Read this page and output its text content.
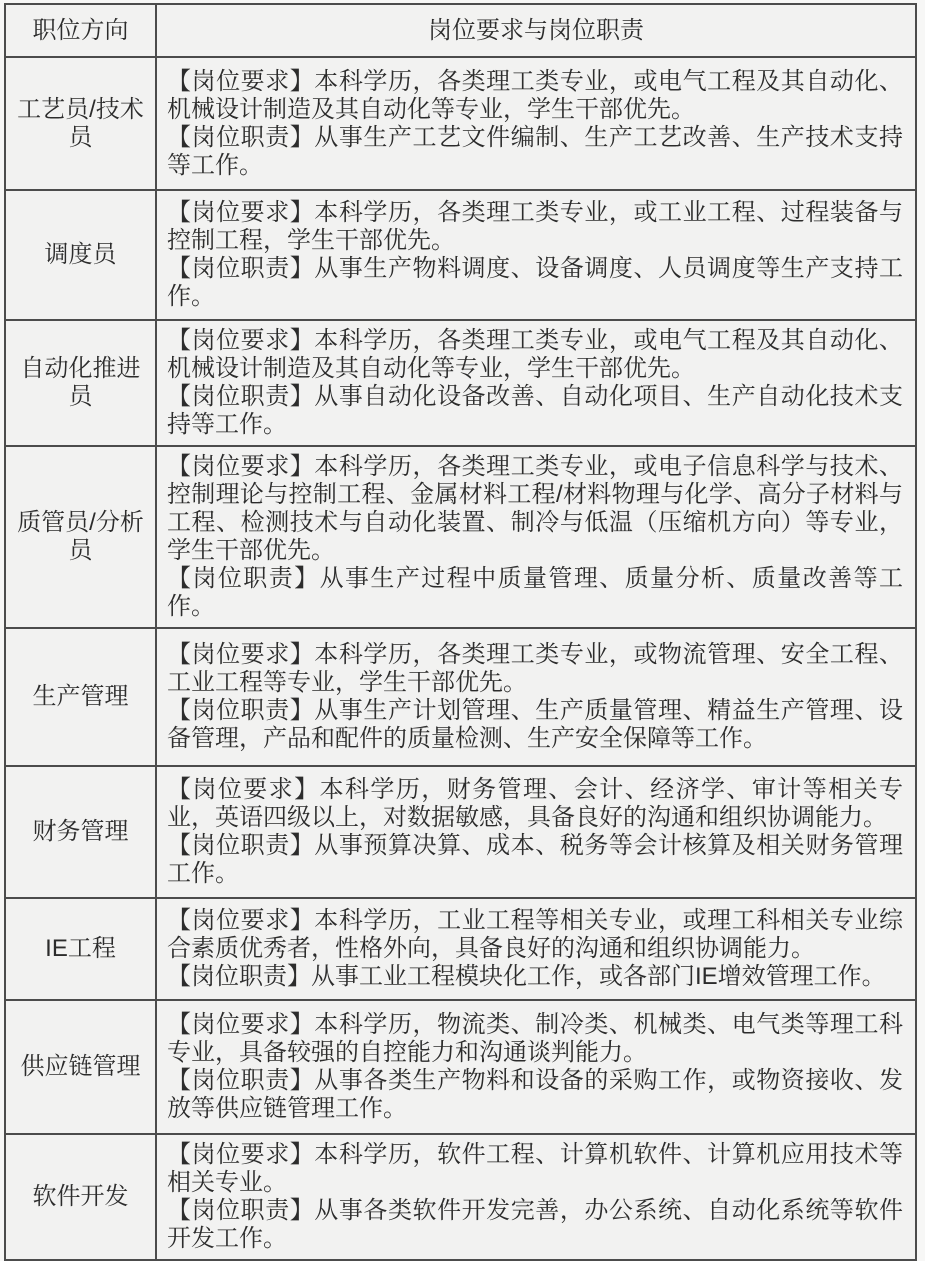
职位方向	岗位要求与岗位职责
工艺员/技术员	【岗位要求】本科学历，各类理工类专业，或电气工程及其自动化、机械设计制造及其自动化等专业，学生干部优先。
【岗位职责】从事生产工艺文件编制、生产工艺改善、生产技术支持等工作。

调度员	【岗位要求】本科学历，各类理工类专业，或工业工程、过程装备与控制工程，学生干部优先。
【岗位职责】从事生产物料调度、设备调度、人员调度等生产支持工作。

自动化推进员	【岗位要求】本科学历，各类理工类专业，或电气工程及其自动化、机械设计制造及其自动化等专业，学生干部优先。
【岗位职责】从事自动化设备改善、自动化项目、生产自动化技术支持等工作。

质管员/分析员	【岗位要求】本科学历，各类理工类专业，或电子信息科学与技术、控制理论与控制工程、金属材料工程/材料物理与化学、高分子材料与工程、检测技术与自动化装置、制冷与低温（压缩机方向）等专业，学生干部优先。
【岗位职责】从事生产过程中质量管理、质量分析、质量改善等工作。

生产管理	【岗位要求】本科学历，各类理工类专业，或物流管理、安全工程、工业工程等专业，学生干部优先。
【岗位职责】从事生产计划管理、生产质量管理、精益生产管理、设备管理，产品和配件的质量检测、生产安全保障等工作。

财务管理	【岗位要求】本科学历，财务管理、会计、经济学、审计等相关专业，英语四级以上，对数据敏感，具备良好的沟通和组织协调能力。
【岗位职责】从事预算决算、成本、税务等会计核算及相关财务管理工作。

IE工程	【岗位要求】本科学历，工业工程等相关专业，或理工科相关专业综合素质优秀者，性格外向，具备良好的沟通和组织协调能力。
【岗位职责】从事工业工程模块化工作，或各部门IE增效管理工作。

供应链管理	【岗位要求】本科学历，物流类、制冷类、机械类、电气类等理工科专业，具备较强的自控能力和沟通谈判能力。
【岗位职责】从事各类生产物料和设备的采购工作，或物资接收、发放等供应链管理工作。

软件开发	【岗位要求】本科学历，软件工程、计算机软件、计算机应用技术等相关专业。
【岗位职责】从事各类软件开发完善，办公系统、自动化系统等软件开发工作。
